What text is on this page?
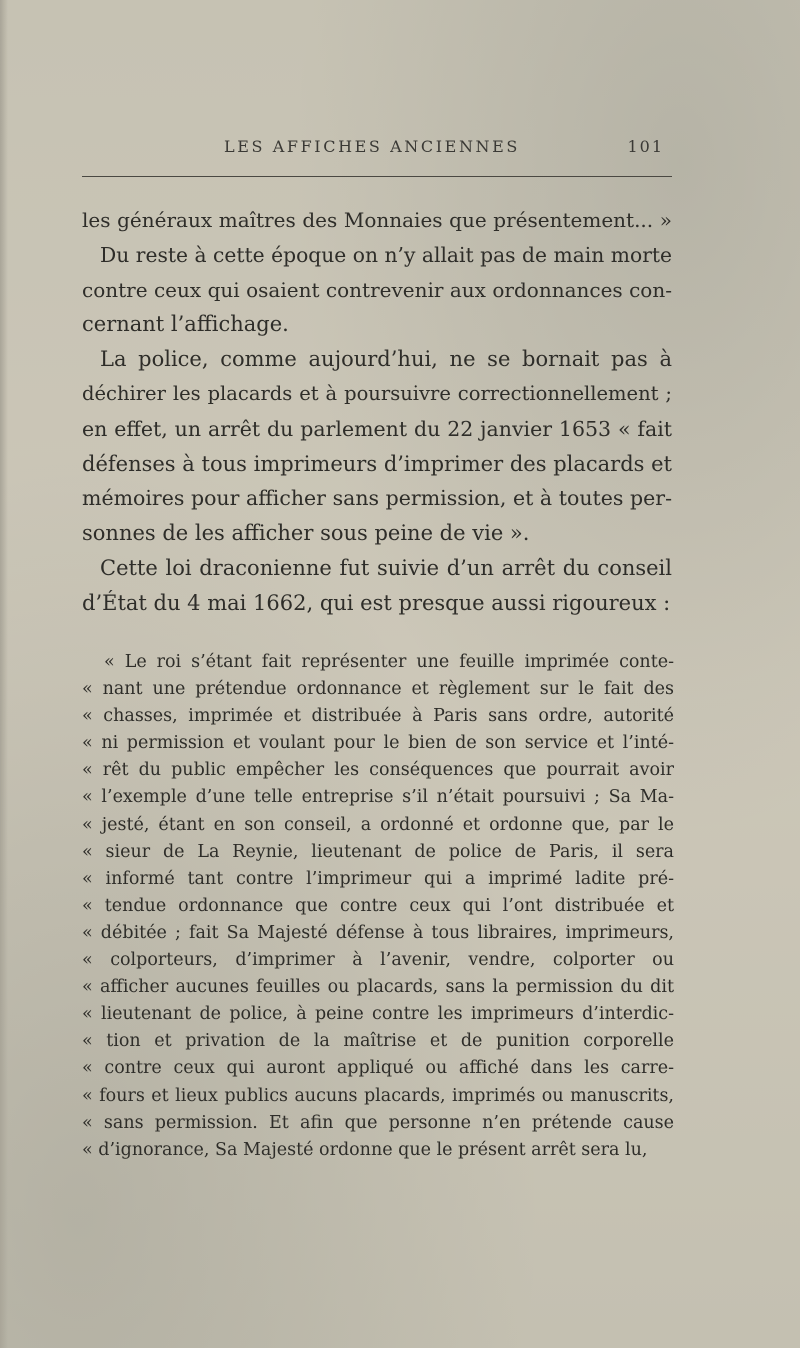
LES AFFICHES ANCIENNES	101
les généraux maîtres des Monnaies que présentement... »
Du reste à cette époque on n’y allait pas de main morte
contre ceux qui osaient contrevenir aux ordonnances con-
cernant l’affichage.
La police, comme aujourd’hui, ne se bornait pas à
déchirer les placards et à poursuivre correctionnellement ;
en effet, un arrêt du parlement du 22 janvier 1653 « fait
défenses à tous imprimeurs d’imprimer des placards et
mémoires pour afficher sans permission, et à toutes per-
sonnes de les afficher sous peine de vie ».
Cette loi draconienne fut suivie d’un arrêt du conseil
d’État du 4 mai 1662, qui est presque aussi rigoureux :
« Le roi s’étant fait représenter une feuille imprimée conte-
« nant une prétendue ordonnance et règlement sur le fait des
« chasses, imprimée et distribuée à Paris sans ordre, autorité
« ni permission et voulant pour le bien de son service et l’inté-
« rêt du public empêcher les conséquences que pourrait avoir
« l’exemple d’une telle entreprise s’il n’était poursuivi ; Sa Ma-
« jesté, étant en son conseil, a ordonné et ordonne que, par le
« sieur de La Reynie, lieutenant de police de Paris, il sera
« informé tant contre l’imprimeur qui a imprimé ladite pré-
« tendue ordonnance que contre ceux qui l’ont distribuée et
« débitée ; fait Sa Majesté défense à tous libraires, imprimeurs,
« colporteurs, d’imprimer à l’avenir, vendre, colporter ou
« afficher aucunes feuilles ou placards, sans la permission du dit
« lieutenant de police, à peine contre les imprimeurs d’interdic-
« tion et privation de la maîtrise et de punition corporelle
« contre ceux qui auront appliqué ou affiché dans les carre-
« fours et lieux publics aucuns placards, imprimés ou manuscrits,
« sans permission. Et afin que personne n’en prétende cause
« d’ignorance, Sa Majesté ordonne que le présent arrêt sera lu,
